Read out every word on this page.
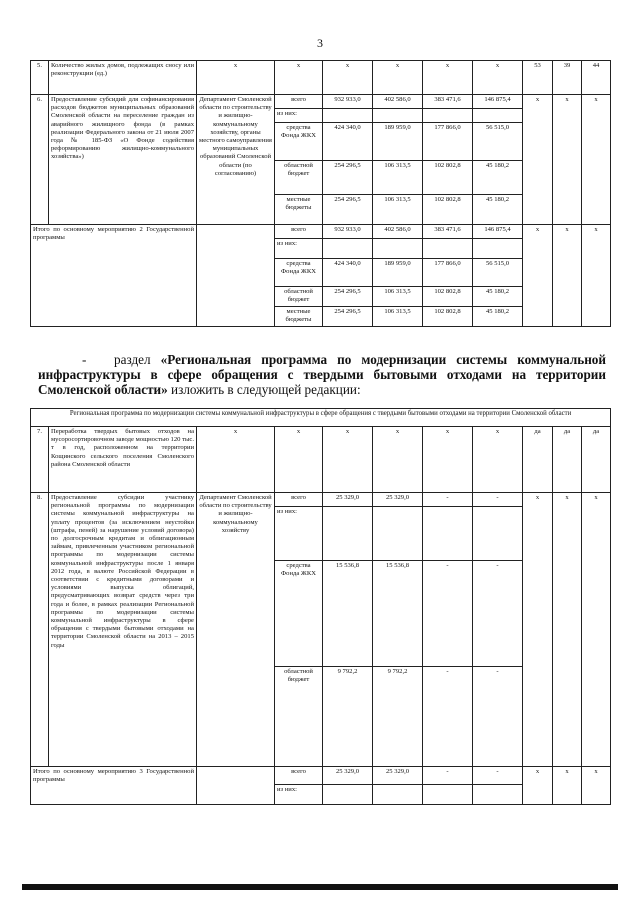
3
5.	Количество жилых домов, подлежащих сносу или реконструкции (ед.)	х	х	х	х	х	х	53	39	44
6.	Предоставление субсидий для софинансирования расходов бюджетов муниципальных образований Смоленской области на переселение граждан из аварийного жилищного фонда (в рамках реализации Федерального закона от 21 июля 2007 года № 185-ФЗ «О Фонде содействия реформированию жилищно-коммунального хозяйства»)	Департамент Смоленской области по строительству и жилищно-коммунальному хозяйству, органы местного самоуправления муниципальных образований Смоленской области (по согласованию)	всего	932 933,0	402 586,0	383 471,6	146 875,4	х	х	х
			из них:							
			средства Фонда ЖКХ	424 340,0	189 959,0	177 866,0	56 515,0			
			областной бюджет	254 296,5	106 313,5	102 802,8	45 180,2			
			местные бюджеты	254 296,5	106 313,5	102 802,8	45 180,2			
Итого по основному мероприятию 2 Государственной программы			всего	932 933,0	402 586,0	383 471,6	146 875,4	х	х	х
			из них:							
			средства Фонда ЖКХ	424 340,0	189 959,0	177 866,0	56 515,0			
			областной бюджет	254 296,5	106 313,5	102 802,8	45 180,2			
			местные бюджеты	254 296,5	106 313,5	102 802,8	45 180,2			
- раздел «Региональная программа по модернизации системы коммунальной инфраструктуры в сфере обращения с твердыми бытовыми отходами на территории Смоленской области» изложить в следующей редакции:
Региональная программа по модернизации системы коммунальной инфраструктуры в сфере обращения с твердыми бытовыми отходами на территории Смоленской области										
7.	Переработка твердых бытовых отходов на мусоросортировочном заводе мощностью 120 тыс. т в год, расположенном на территории Кощинского сельского поселения Смоленского района Смоленской области	х	х	х	х	х	х	да	да	да
8.	Предоставление субсидии участнику региональной программы по модернизации системы коммунальной инфраструктуры на уплату процентов (за исключением неустойки (штрафа, пеней) за нарушение условий договора) по долгосрочным кредитам и облигационным займам, привлеченным участником региональной программы по модернизации системы коммунальной инфраструктуры после 1 января 2012 года, в валюте Российской Федерации в соответствии с кредитными договорами и условиями выпуска облигаций, предусматривающих возврат средств через три года и более, в рамках реализации Региональной программы по модернизации системы коммунальной инфраструктуры в сфере обращения с твердыми бытовыми отходами на территории Смоленской области на 2013 – 2015 годы	Департамент Смоленской области по строительству и жилищно-коммунальному хозяйству	всего	25 329,0	25 329,0	-	-	х	х	х
			из них:							
			средства Фонда ЖКХ	15 536,8	15 536,8	-	-			
			областной бюджет	9 792,2	9 792,2	-	-			
Итого по основному мероприятию 3 Государственной программы			всего	25 329,0	25 329,0	-	-	х	х	х
			из них:							
